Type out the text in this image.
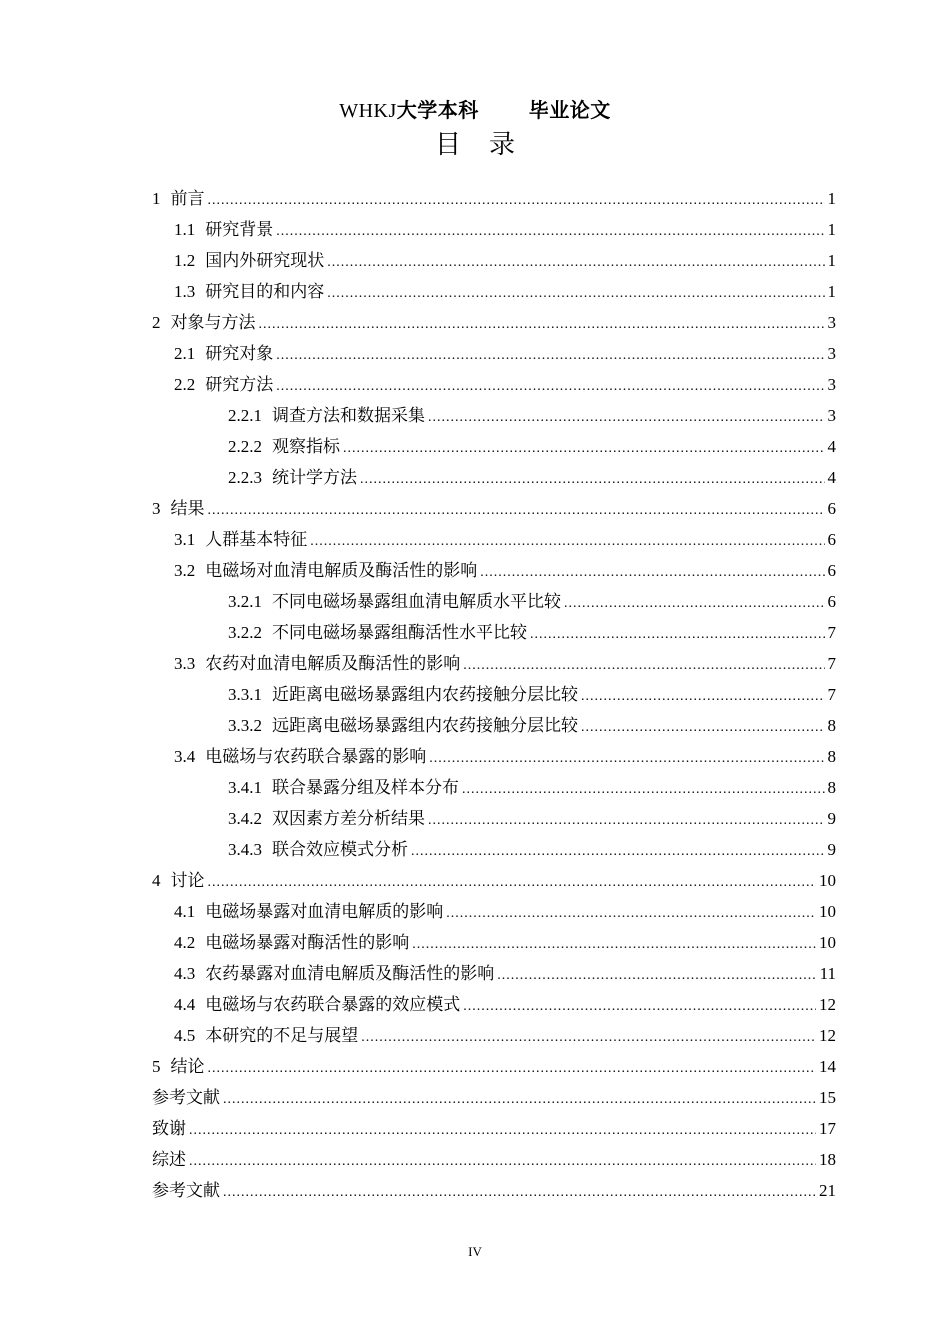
WHKJ大学本科	毕业论文
目录
1 前言 .....	1
1.1 研究背景 .....	1
1.2 国内外研究现状 .....	1
1.3 研究目的和内容 .....	1
2 对象与方法 .....	3
2.1 研究对象 .....	3
2.2 研究方法 .....	3
2.2.1 调查方法和数据采集 .....	3
2.2.2 观察指标 .....	4
2.2.3 统计学方法 .....	4
3 结果 .....	6
3.1 人群基本特征 .....	6
3.2 电磁场对血清电解质及酶活性的影响 .....	6
3.2.1 不同电磁场暴露组血清电解质水平比较 .....	6
3.2.2 不同电磁场暴露组酶活性水平比较 .....	7
3.3 农药对血清电解质及酶活性的影响 .....	7
3.3.1 近距离电磁场暴露组内农药接触分层比较 .....	7
3.3.2 远距离电磁场暴露组内农药接触分层比较 .....	8
3.4 电磁场与农药联合暴露的影响 .....	8
3.4.1 联合暴露分组及样本分布 .....	8
3.4.2 双因素方差分析结果 .....	9
3.4.3 联合效应模式分析 .....	9
4 讨论 .....	10
4.1 电磁场暴露对血清电解质的影响 .....	10
4.2 电磁场暴露对酶活性的影响 .....	10
4.3 农药暴露对血清电解质及酶活性的影响 .....	11
4.4 电磁场与农药联合暴露的效应模式 .....	12
4.5 本研究的不足与展望 .....	12
5 结论 .....	14
参考文献 .....	15
致谢 .....	17
综述 .....	18
参考文献 .....	21
IV
